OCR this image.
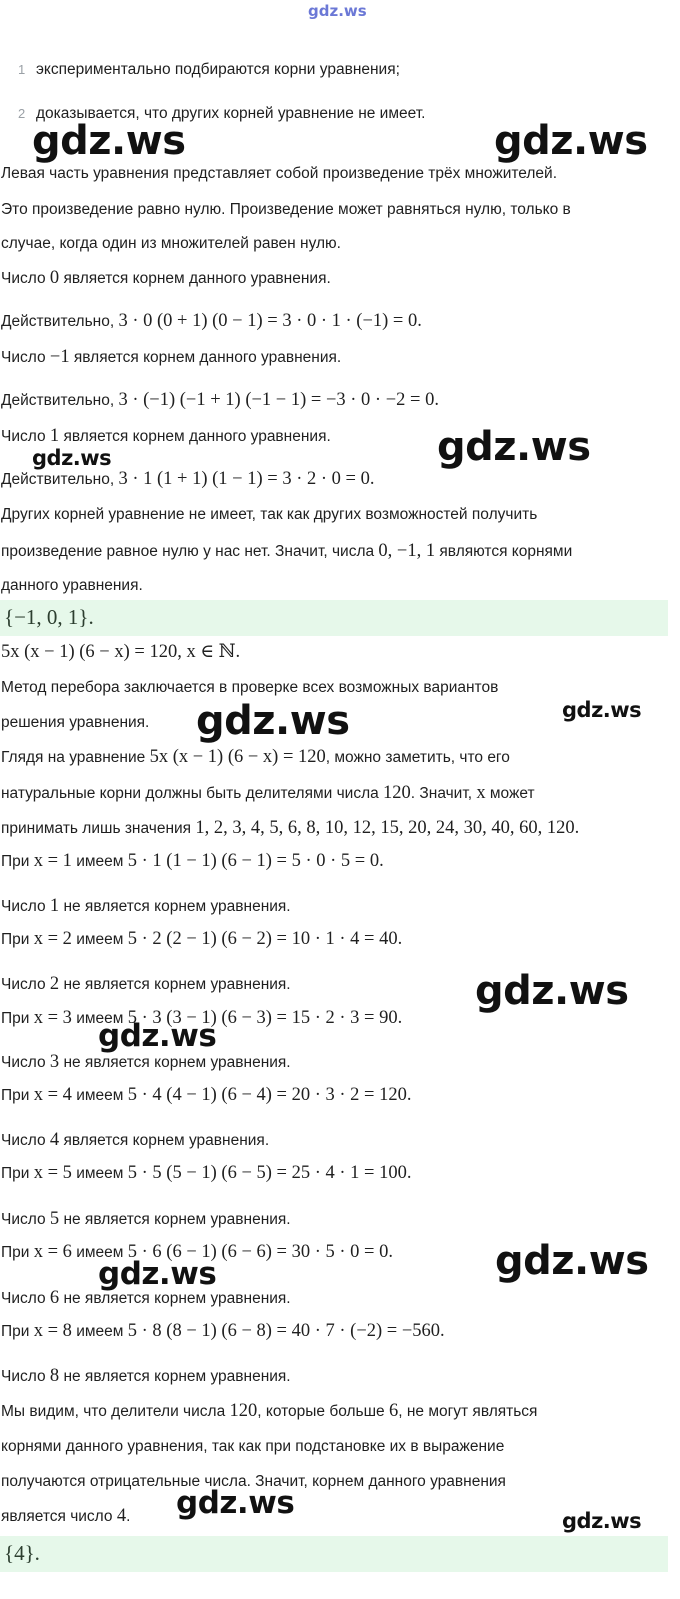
gdz.ws
1 экспериментально подбираются корни уравнения;
2 доказывается, что других корней уравнение не имеет.
Левая часть уравнения представляет собой произведение трёх множителей.
Это произведение равно нулю. Произведение может равняться нулю, только в
случае, когда один из множителей равен нулю.
Число 0 является корнем данного уравнения.
Действительно, 3 · 0 (0 + 1) (0 − 1) = 3 · 0 · 1 · (−1) = 0.
Число −1 является корнем данного уравнения.
Действительно, 3 · (−1) (−1 + 1) (−1 − 1) = −3 · 0 · −2 = 0.
Число 1 является корнем данного уравнения.
Действительно, 3 · 1 (1 + 1) (1 − 1) = 3 · 2 · 0 = 0.
Других корней уравнение не имеет, так как других возможностей получить
произведение равное нулю у нас нет. Значит, числа 0, −1, 1 являются корнями
данного уравнения.
{−1, 0, 1}.
5x (x − 1) (6 − x) = 120, x ∈ ℕ.
Метод перебора заключается в проверке всех возможных вариантов
решения уравнения.
Глядя на уравнение 5x (x − 1) (6 − x) = 120, можно заметить, что его
натуральные корни должны быть делителями числа 120. Значит, x может
принимать лишь значения 1, 2, 3, 4, 5, 6, 8, 10, 12, 15, 20, 24, 30, 40, 60, 120.
При x = 1 имеем 5 · 1 (1 − 1) (6 − 1) = 5 · 0 · 5 = 0.
Число 1 не является корнем уравнения.
При x = 2 имеем 5 · 2 (2 − 1) (6 − 2) = 10 · 1 · 4 = 40.
Число 2 не является корнем уравнения.
При x = 3 имеем 5 · 3 (3 − 1) (6 − 3) = 15 · 2 · 3 = 90.
Число 3 не является корнем уравнения.
При x = 4 имеем 5 · 4 (4 − 1) (6 − 4) = 20 · 3 · 2 = 120.
Число 4 является корнем уравнения.
При x = 5 имеем 5 · 5 (5 − 1) (6 − 5) = 25 · 4 · 1 = 100.
Число 5 не является корнем уравнения.
При x = 6 имеем 5 · 6 (6 − 1) (6 − 6) = 30 · 5 · 0 = 0.
Число 6 не является корнем уравнения.
При x = 8 имеем 5 · 8 (8 − 1) (6 − 8) = 40 · 7 · (−2) = −560.
Число 8 не является корнем уравнения.
Мы видим, что делители числа 120, которые больше 6, не могут являться
корнями данного уравнения, так как при подстановке их в выражение
получаются отрицательные числа. Значит, корнем данного уравнения
является число 4.
{4}.
gdz.ws	gdz.ws
gdz.ws	gdz.ws
gdz.ws	gdz.ws
gdz.ws
gdz.ws
gdz.ws
gdz.ws
gdz.ws	gdz.ws
